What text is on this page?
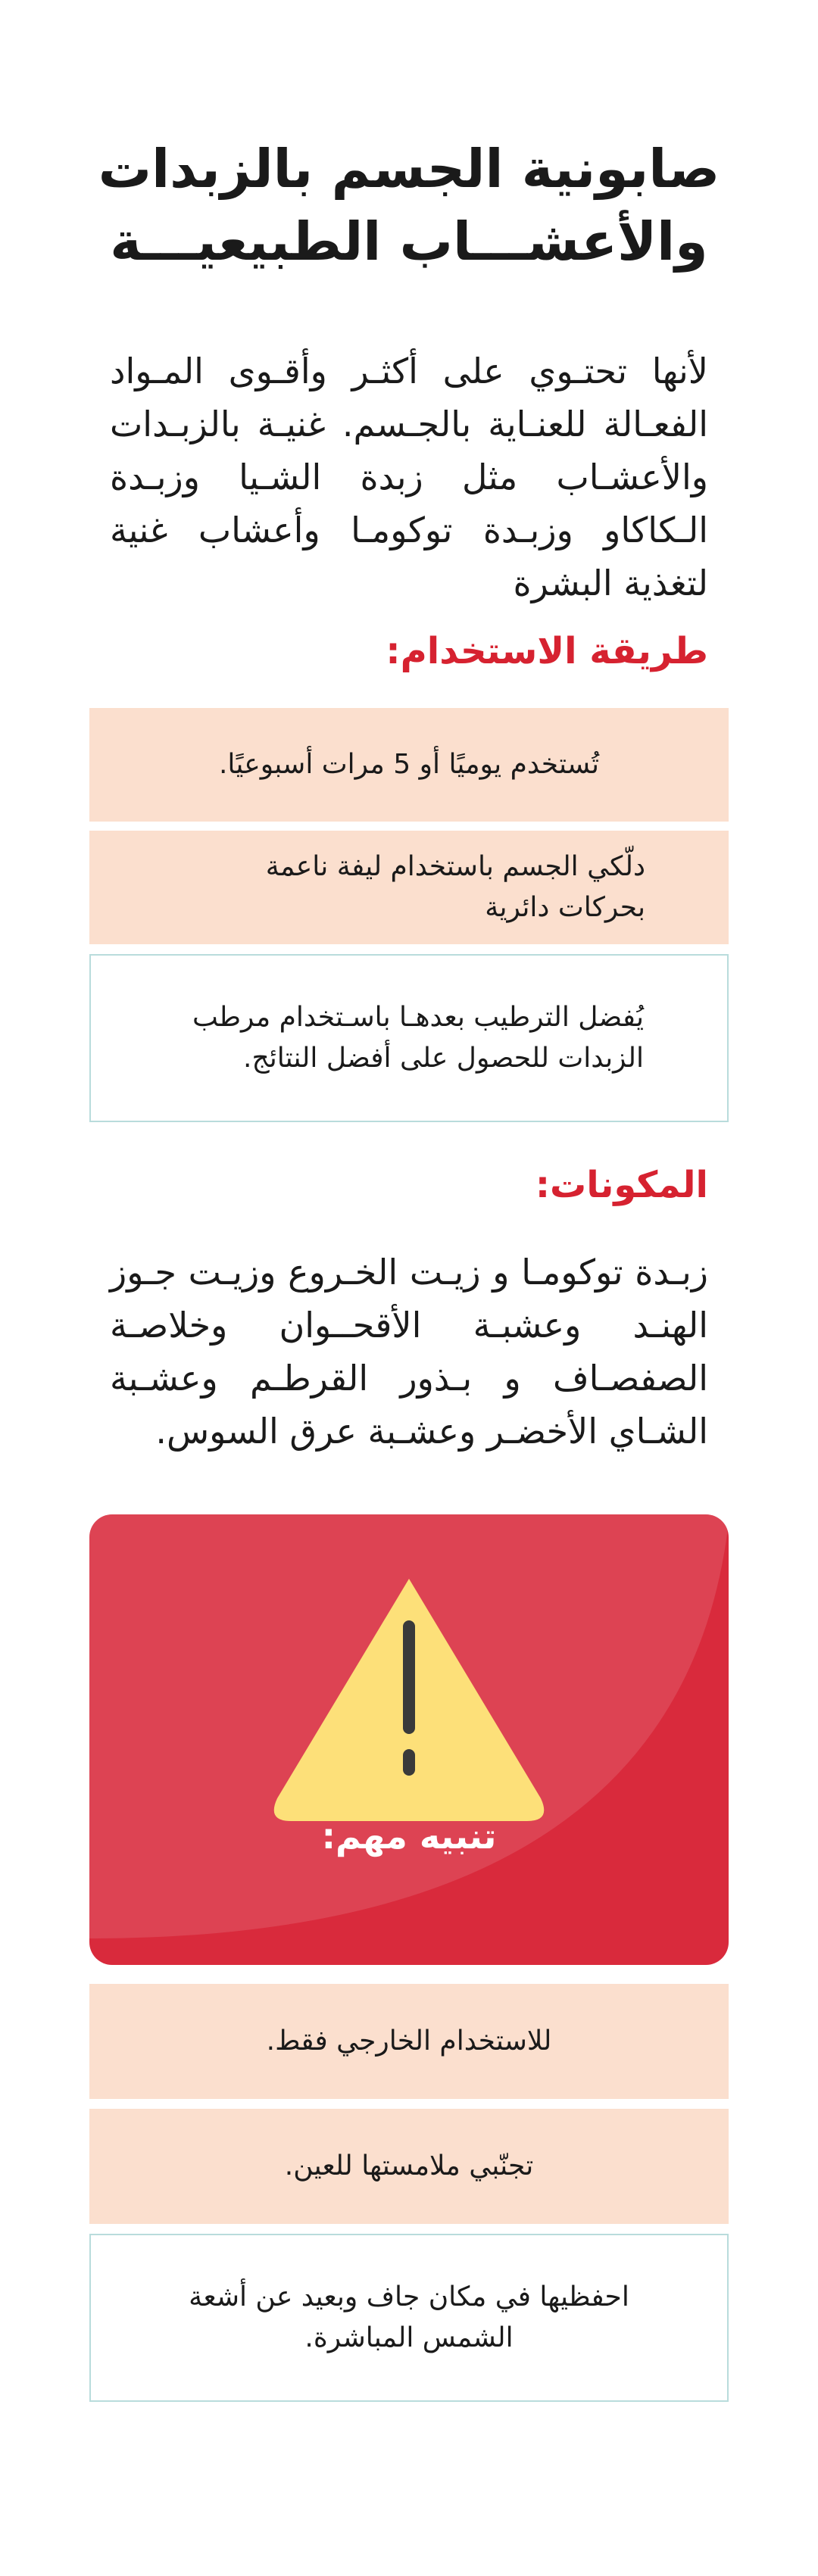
صابونية الجسم بالزبدات
والأعشـــاب الطبيعيـــة

لأنها تحتـوي على أكثـر وأقـوى المـواد الفعـالة للعنـاية بالجـسم. غنيـة بالزبـدات والأعشـاب مثل زبدة الشـيا وزبـدة الـكاكاو وزبـدة توكومـا وأعشاب غنية لتغذية البشرة

طريقة الاستخدام:
تُستخدم يوميًا أو 5 مرات أسبوعيًا.
دلّكي الجسم باستخدام ليفة ناعمة بحركات دائرية
يُفضل الترطيب بعدهـا باسـتخدام مرطب الزبدات للحصول على أفضل النتائج.
المكونات:

زبـدة توكومـا و زيـت الخـروع وزيـت جـوز الهنـد وعشبـة الأقحــوان وخلاصـة الصفصـاف و بـذور القرطـم وعشـبة الشـاي الأخضـر وعشـبة عرق السوس.

تنبيه مهم:
للاستخدام الخارجي فقط.
تجنّبي ملامستها للعين.
احفظيها في مكان جاف وبعيد عن أشعة الشمس المباشرة.
